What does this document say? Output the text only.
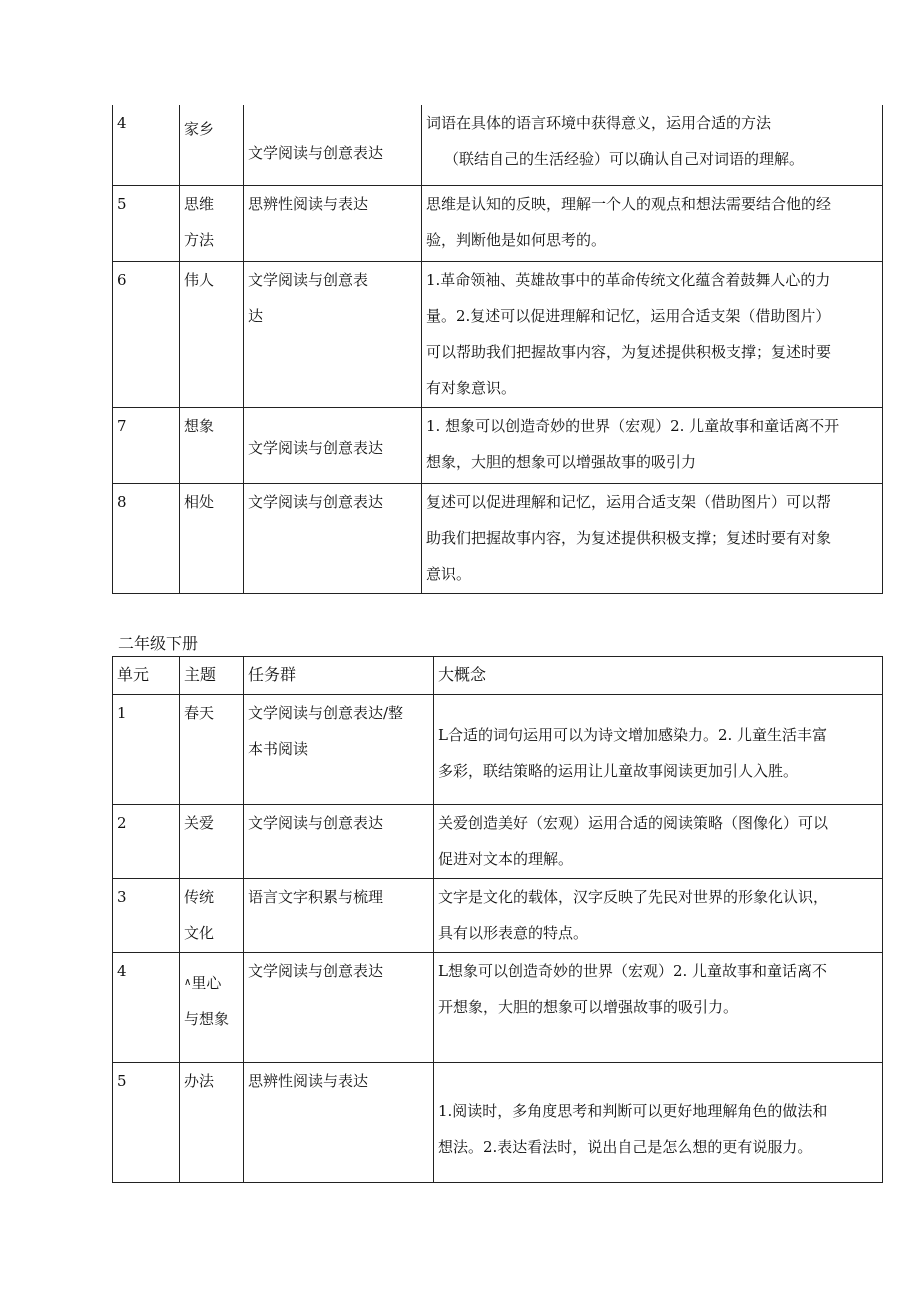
4	家乡	文学阅读与创意表达	词语在具体的语言环境中获得意义，运用合适的方法
（联结自己的生活经验）可以确认自己对词语的理解。

5	思维
方法	思辨性阅读与表达	思维是认知的反映，理解一个人的观点和想法需要结合他的经
验，判断他是如何思考的。

6	伟人	文学阅读与创意表
达	1.革命领袖、英雄故事中的革命传统文化蕴含着鼓舞人心的力
量。2.复述可以促进理解和记忆，运用合适支架（借助图片）
可以帮助我们把握故事内容，为复述提供积极支撑；复述时要
有对象意识。

7	想象	文学阅读与创意表达	1. 想象可以创造奇妙的世界（宏观）2. 儿童故事和童话离不开
想象，大胆的想象可以增强故事的吸引力

8	相处	文学阅读与创意表达	复述可以促进理解和记忆，运用合适支架（借助图片）可以帮
助我们把握故事内容，为复述提供积极支撑；复述时要有对象
意识。
二年级下册
单元	主题	任务群	大概念
1	春天	文学阅读与创意表达/整
本书阅读	L合适的词句运用可以为诗文增加感染力。2. 儿童生活丰富
多彩，联结策略的运用让儿童故事阅读更加引人入胜。

2	关爱	文学阅读与创意表达	关爱创造美好（宏观）运用合适的阅读策略（图像化）可以
促进对文本的理解。

3	传统
文化	语言文字积累与梳理	文字是文化的载体，汉字反映了先民对世界的形象化认识，
具有以形表意的特点。

4	∧里心
与想象	文学阅读与创意表达	L想象可以创造奇妙的世界（宏观）2. 儿童故事和童话离不
开想象，大胆的想象可以增强故事的吸引力。

5	办法	思辨性阅读与表达	1.阅读时，多角度思考和判断可以更好地理解角色的做法和
想法。2.表达看法时，说出自己是怎么想的更有说服力。
